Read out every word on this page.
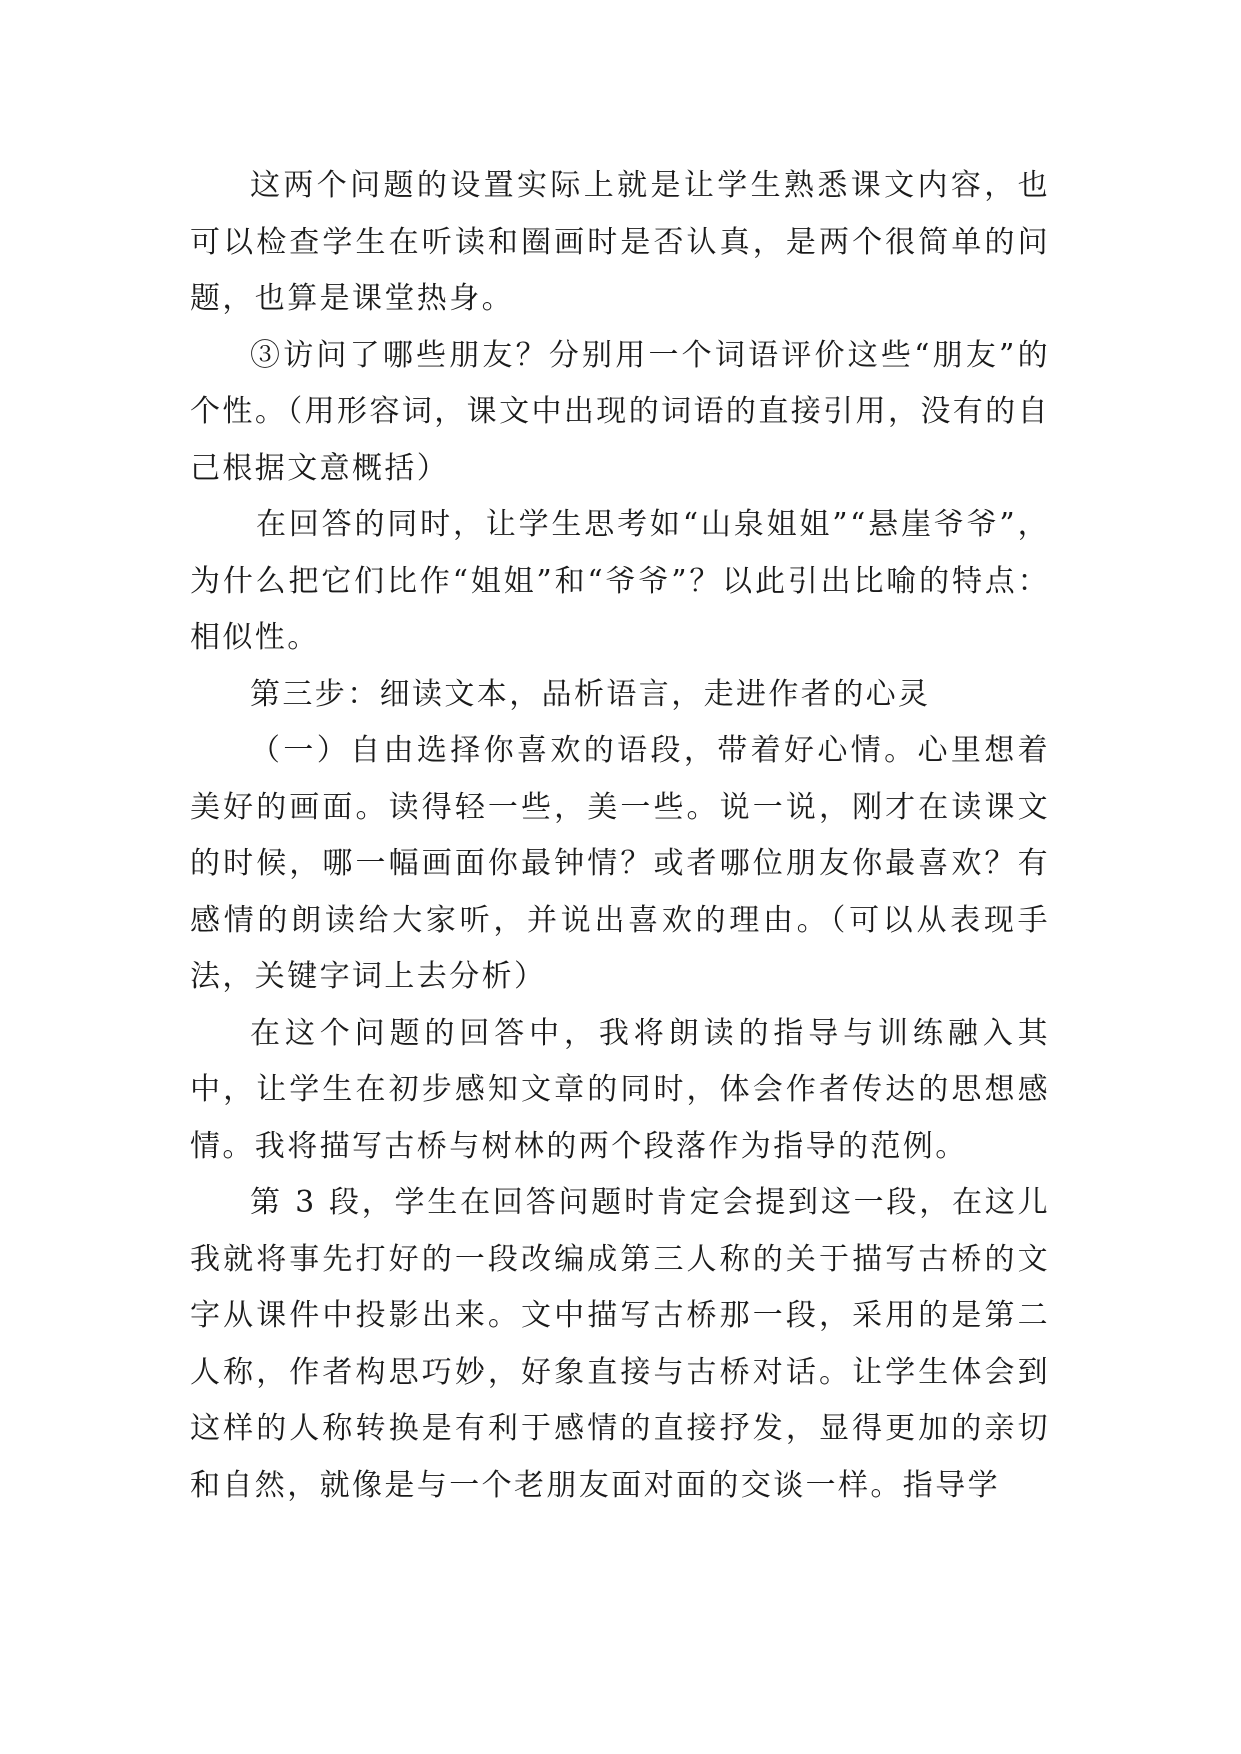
这两个问题的设置实际上就是让学生熟悉课文内容，也可以检查学生在听读和圈画时是否认真，是两个很简单的问题，也算是课堂热身。

③访问了哪些朋友？分别用一个词语评价这些“朋友”的个性。（用形容词，课文中出现的词语的直接引用，没有的自己根据文意概括）

在回答的同时，让学生思考如“山泉姐姐”“悬崖爷爷”，为什么把它们比作“姐姐”和“爷爷”？以此引出比喻的特点：相似性。

第三步：细读文本，品析语言，走进作者的心灵

（一）自由选择你喜欢的语段，带着好心情。心里想着美好的画面。读得轻一些，美一些。说一说，刚才在读课文的时候，哪一幅画面你最钟情？或者哪位朋友你最喜欢？有感情的朗读给大家听，并说出喜欢的理由。（可以从表现手法，关键字词上去分析）

在这个问题的回答中，我将朗读的指导与训练融入其中，让学生在初步感知文章的同时，体会作者传达的思想感情。我将描写古桥与树林的两个段落作为指导的范例。

第 3 段，学生在回答问题时肯定会提到这一段，在这儿我就将事先打好的一段改编成第三人称的关于描写古桥的文字从课件中投影出来。文中描写古桥那一段，采用的是第二人称，作者构思巧妙，好象直接与古桥对话。让学生体会到这样的人称转换是有利于感情的直接抒发，显得更加的亲切和自然，就像是与一个老朋友面对面的交谈一样。指导学
